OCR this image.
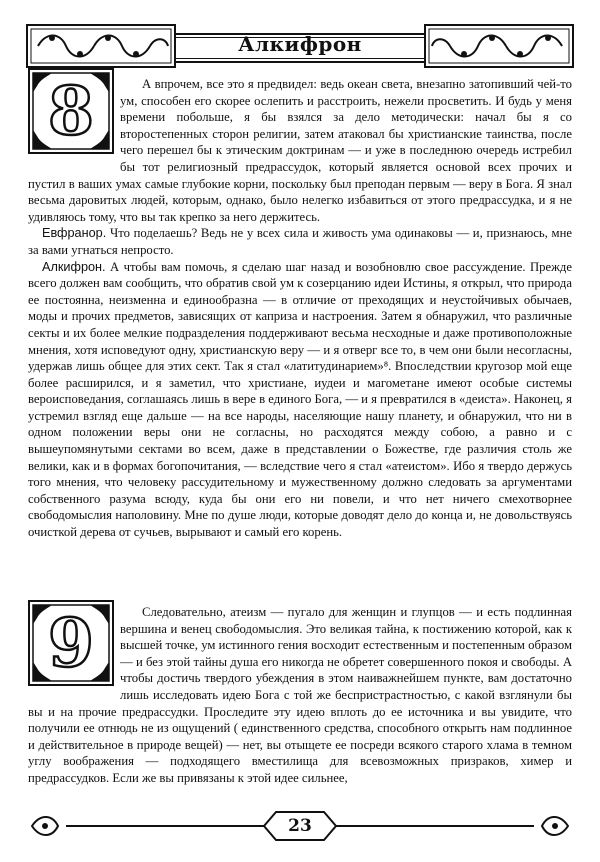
Алкифрон
8	А впрочем, все это я предвидел: ведь океан света, внезапно затопивший чей-то ум, способен его скорее ослепить и расстроить, нежели просветить. И будь у меня времени побольше, я бы взялся за дело методически: начал бы я со второстепенных сторон религии, затем атаковал бы христианские таинства, после чего перешел бы к этическим доктринам — и уже в последнюю очередь истребил бы тот религиозный предрассудок, который является основой всех прочих и пустил в ваших умах самые глубокие корни, поскольку был преподан первым — веру в Бога. Я знал весьма даровитых людей, которым, однако, было нелегко избавиться от этого предрассудка, и я не удивляюсь тому, что вы так крепко за него держитесь.

Евфранор. Что поделаешь? Ведь не у всех сила и живость ума одинаковы — и, признаюсь, мне за вами угнаться непросто.

Алкифрон. А чтобы вам помочь, я сделаю шаг назад и возобновлю свое рассуждение. Прежде всего должен вам сообщить, что обратив свой ум к созерцанию идеи Истины, я открыл, что природа ее постоянна, неизменна и единообразна — в отличие от преходящих и неустойчивых обычаев, моды и прочих предметов, зависящих от каприза и настроения. Затем я обнаружил, что различные секты и их более мелкие подразделения поддерживают весьма несходные и даже противоположные мнения, хотя исповедуют одну, христианскую веру — и я отверг все то, в чем они были несогласны, удержав лишь общее для этих сект. Так я стал «латитудинарием»⁸. Впоследствии кругозор мой еще более расширился, и я заметил, что христиане, иудеи и магометане имеют особые системы вероисповедания, соглашаясь лишь в вере в единого Бога, — и я превратился в «деиста». Наконец, я устремил взгляд еще дальше — на все народы, населяющие нашу планету, и обнаружил, что ни в одном положении веры они не согласны, но расходятся между собою, а равно и с вышеупомянутыми сектами во всем, даже в представлении о Божестве, где различия столь же велики, как и в формах богопочитания, — вследствие чего я стал «атеистом». Ибо я твердо держусь того мнения, что человеку рассудительному и мужественному должно следовать за аргументами собственного разума всюду, куда бы они его ни повели, и что нет ничего смехотворнее свободомыслия наполовину. Мне по душе люди, которые доводят дело до конца и, не довольствуясь очисткой дерева от сучьев, вырывают и самый его корень.

9	Следовательно, атеизм — пугало для женщин и глупцов — и есть подлинная вершина и венец свободомыслия. Это великая тайна, к постижению которой, как к высшей точке, ум истинного гения восходит естественным и постепенным образом — и без этой тайны душа его никогда не обретет совершенного покоя и свободы. А чтобы достичь твердого убеждения в этом наиважнейшем пункте, вам достаточно лишь исследовать идею Бога с той же беспристрастностью, с какой взглянули бы вы и на прочие предрассудки. Проследите эту идею вплоть до ее источника и вы увидите, что получили ее отнюдь не из ощущений ( единственного средства, способного открыть нам подлинное и действительное в природе вещей) — нет, вы отыщете ее посреди всякого старого хлама в темном углу воображения — подходящего вместилища для всевозможных призраков, химер и предрассудков. Если же вы привязаны к этой идее сильнее,

23
